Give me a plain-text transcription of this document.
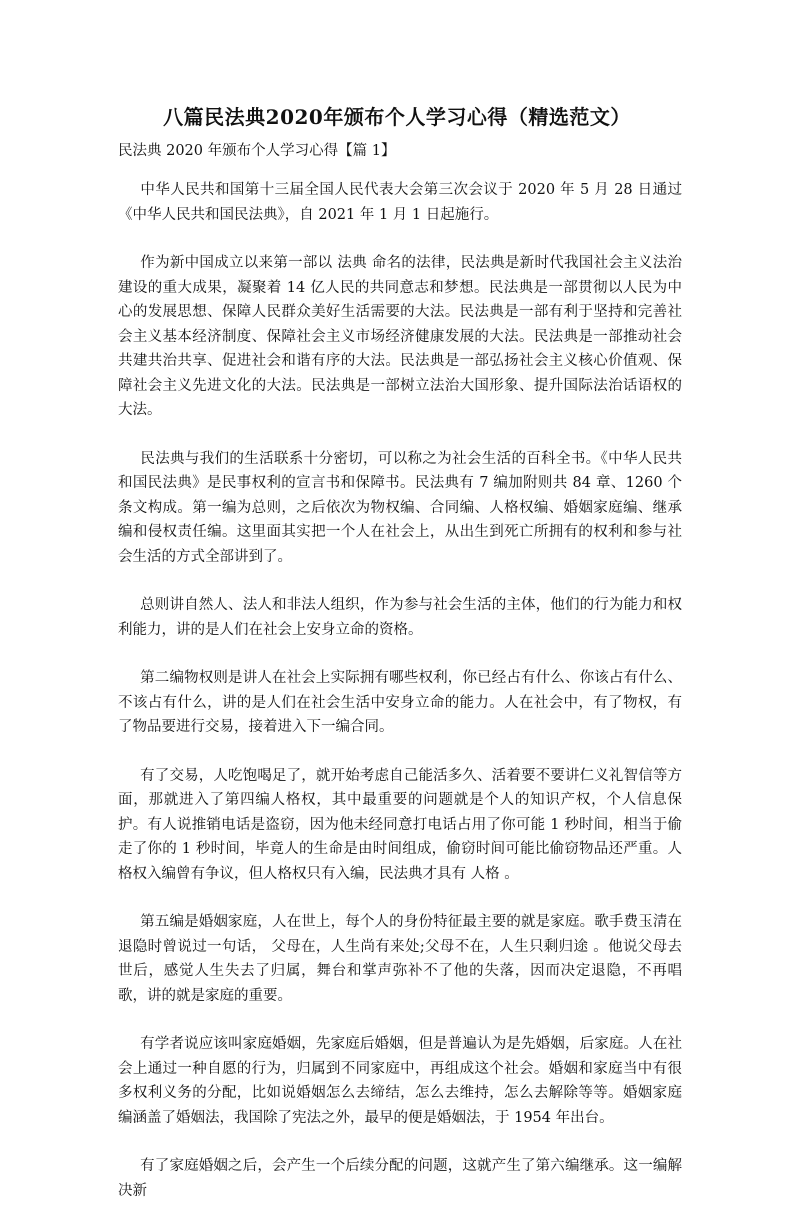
八篇民法典2020年颁布个人学习心得（精选范文）
民法典 2020 年颁布个人学习心得【篇 1】

中华人民共和国第十三届全国人民代表大会第三次会议于 2020 年 5 月 28 日通过《中华人民共和国民法典》，自 2021 年 1 月 1 日起施行。

作为新中国成立以来第一部以 法典 命名的法律，民法典是新时代我国社会主义法治建设的重大成果，凝聚着 14 亿人民的共同意志和梦想。民法典是一部贯彻以人民为中心的发展思想、保障人民群众美好生活需要的大法。民法典是一部有利于坚持和完善社会主义基本经济制度、保障社会主义市场经济健康发展的大法。民法典是一部推动社会共建共治共享、促进社会和谐有序的大法。民法典是一部弘扬社会主义核心价值观、保障社会主义先进文化的大法。民法典是一部树立法治大国形象、提升国际法治话语权的大法。

民法典与我们的生活联系十分密切，可以称之为社会生活的百科全书。《中华人民共和国民法典》是民事权利的宣言书和保障书。民法典有 7 编加附则共 84 章、1260 个条文构成。第一编为总则，之后依次为物权编、合同编、人格权编、婚姻家庭编、继承编和侵权责任编。这里面其实把一个人在社会上，从出生到死亡所拥有的权利和参与社会生活的方式全部讲到了。

总则讲自然人、法人和非法人组织，作为参与社会生活的主体，他们的行为能力和权利能力，讲的是人们在社会上安身立命的资格。

第二编物权则是讲人在社会上实际拥有哪些权利，你已经占有什么、你该占有什么、不该占有什么，讲的是人们在社会生活中安身立命的能力。人在社会中，有了物权，有了物品要进行交易，接着进入下一编合同。

有了交易，人吃饱喝足了，就开始考虑自己能活多久、活着要不要讲仁义礼智信等方面，那就进入了第四编人格权，其中最重要的问题就是个人的知识产权，个人信息保护。有人说推销电话是盗窃，因为他未经同意打电话占用了你可能 1 秒时间，相当于偷走了你的 1 秒时间，毕竟人的生命是由时间组成，偷窃时间可能比偷窃物品还严重。人格权入编曾有争议，但人格权只有入编，民法典才具有 人格 。

第五编是婚姻家庭，人在世上，每个人的身份特征最主要的就是家庭。歌手费玉清在退隐时曾说过一句话， 父母在，人生尚有来处;父母不在，人生只剩归途 。他说父母去世后，感觉人生失去了归属，舞台和掌声弥补不了他的失落，因而决定退隐，不再唱歌，讲的就是家庭的重要。

有学者说应该叫家庭婚姻，先家庭后婚姻，但是普遍认为是先婚姻，后家庭。人在社会上通过一种自愿的行为，归属到不同家庭中，再组成这个社会。婚姻和家庭当中有很多权利义务的分配，比如说婚姻怎么去缔结，怎么去维持，怎么去解除等等。婚姻家庭编涵盖了婚姻法，我国除了宪法之外，最早的便是婚姻法，于 1954 年出台。

有了家庭婚姻之后，会产生一个后续分配的问题，这就产生了第六编继承。这一编解决新
